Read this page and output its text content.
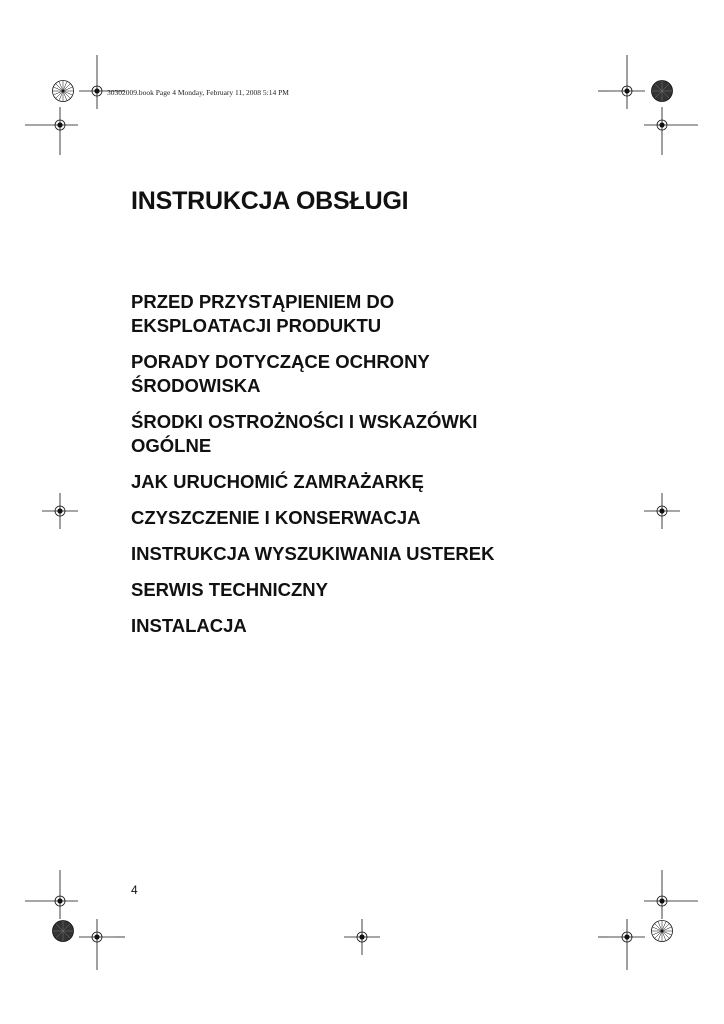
30302009.book Page 4 Monday, February 11, 2008 5:14 PM
INSTRUKCJA OBSŁUGI
PRZED PRZYSTĄPIENIEM DO
EKSPLOATACJI PRODUKTU
PORADY DOTYCZĄCE OCHRONY
ŚRODOWISKA
ŚRODKI OSTROŻNOŚCI I WSKAZÓWKI
OGÓLNE
JAK URUCHOMIĆ ZAMRAŻARKĘ
CZYSZCZENIE I KONSERWACJA
INSTRUKCJA WYSZUKIWANIA USTEREK
SERWIS TECHNICZNY
INSTALACJA
4
